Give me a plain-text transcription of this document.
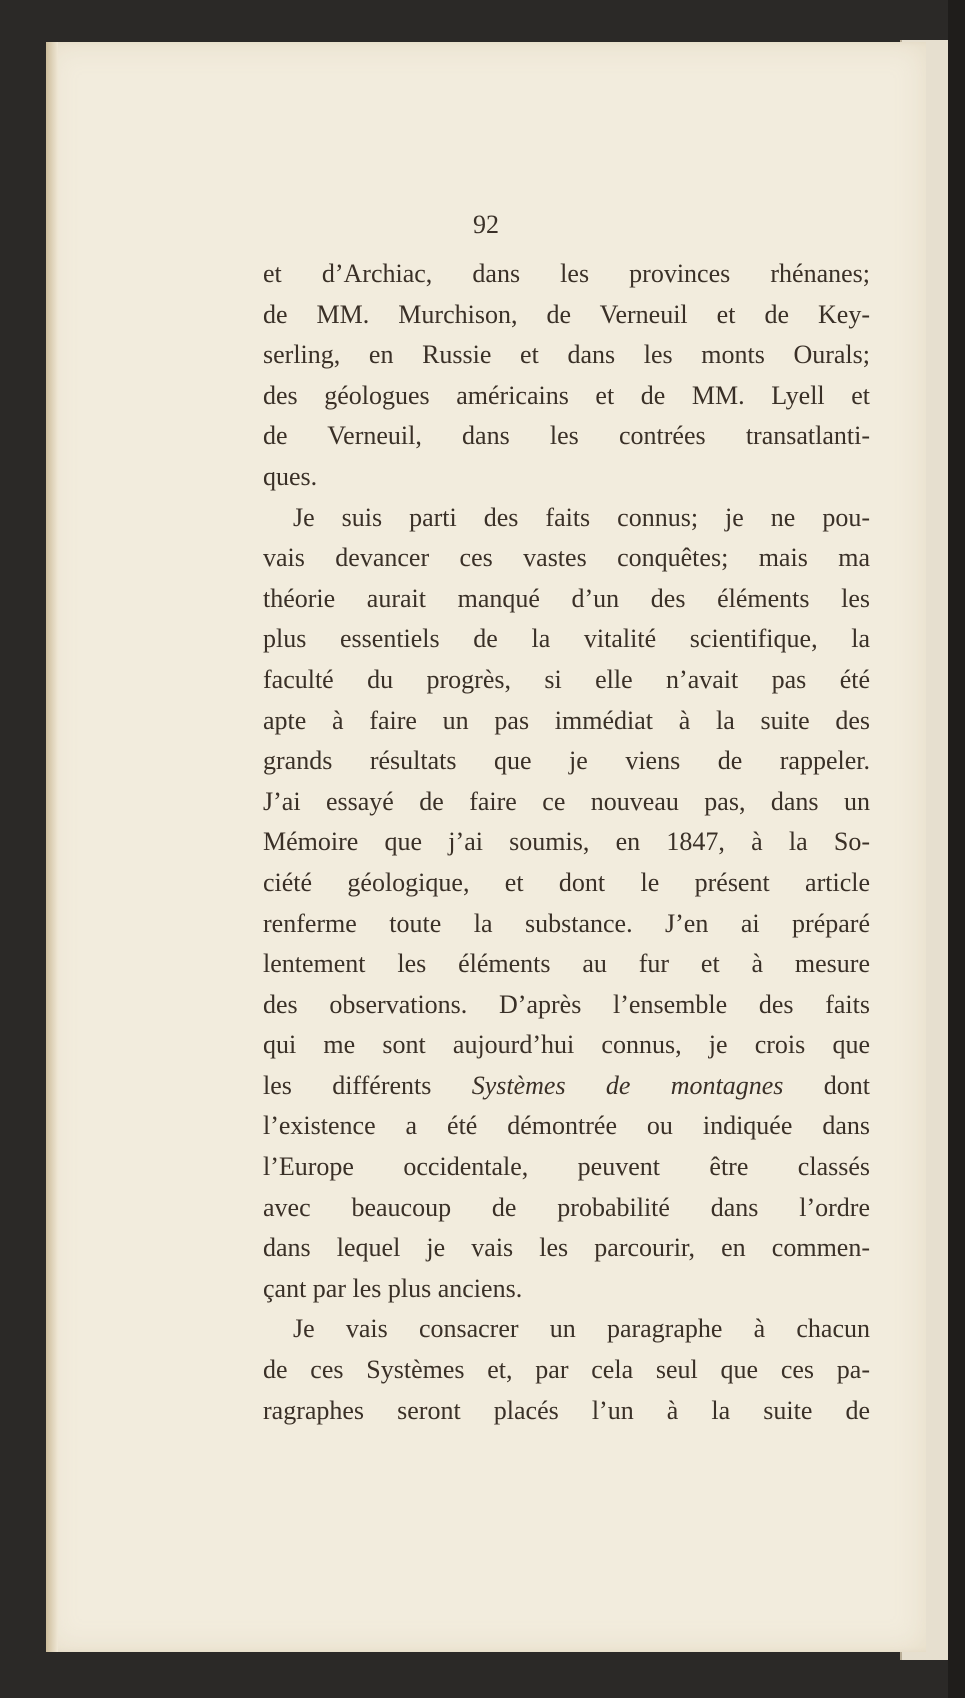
92
et d’Archiac, dans les provinces rhénanes;
de MM. Murchison, de Verneuil et de Key-
serling, en Russie et dans les monts Ourals;
des géologues américains et de MM. Lyell et
de Verneuil, dans les contrées transatlanti-
ques.
Je suis parti des faits connus; je ne pou-
vais devancer ces vastes conquêtes; mais ma
théorie aurait manqué d’un des éléments les
plus essentiels de la vitalité scientifique, la
faculté du progrès, si elle n’avait pas été
apte à faire un pas immédiat à la suite des
grands résultats que je viens de rappeler.
J’ai essayé de faire ce nouveau pas, dans un
Mémoire que j’ai soumis, en 1847, à la So-
ciété géologique, et dont le présent article
renferme toute la substance. J’en ai préparé
lentement les éléments au fur et à mesure
des observations. D’après l’ensemble des faits
qui me sont aujourd’hui connus, je crois que
les différents Systèmes de montagnes dont
l’existence a été démontrée ou indiquée dans
l’Europe occidentale, peuvent être classés
avec beaucoup de probabilité dans l’ordre
dans lequel je vais les parcourir, en commen-
çant par les plus anciens.
Je vais consacrer un paragraphe à chacun
de ces Systèmes et, par cela seul que ces pa-
ragraphes seront placés l’un à la suite de
